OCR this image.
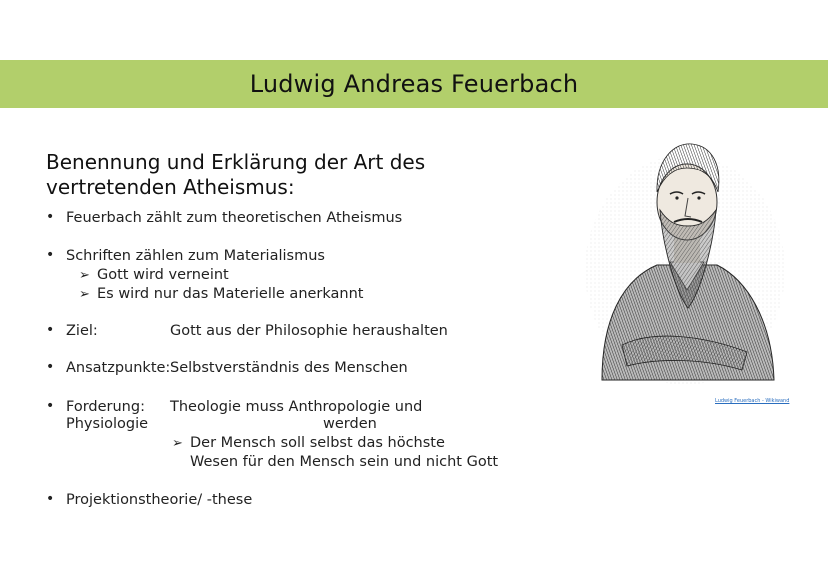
Ludwig Andreas Feuerbach
Benennung und Erklärung der Art des
vertretenden Atheismus:
• Feuerbach zählt zum theoretischen Atheismus
• Schriften zählen zum Materialismus
➢ Gott wird verneint
➢ Es wird nur das Materielle anerkannt
• Ziel:	Gott aus der Philosophie heraushalten
• Ansatzpunkte: Selbstverständnis des Menschen
• Forderung: Theologie muss Anthropologie und
Physiologie	werden
➢ Der Mensch soll selbst das höchste
Wesen für den Mensch sein und nicht Gott
• Projektionstheorie/ -these
Ludwig Feuerbach - Wikiwand
